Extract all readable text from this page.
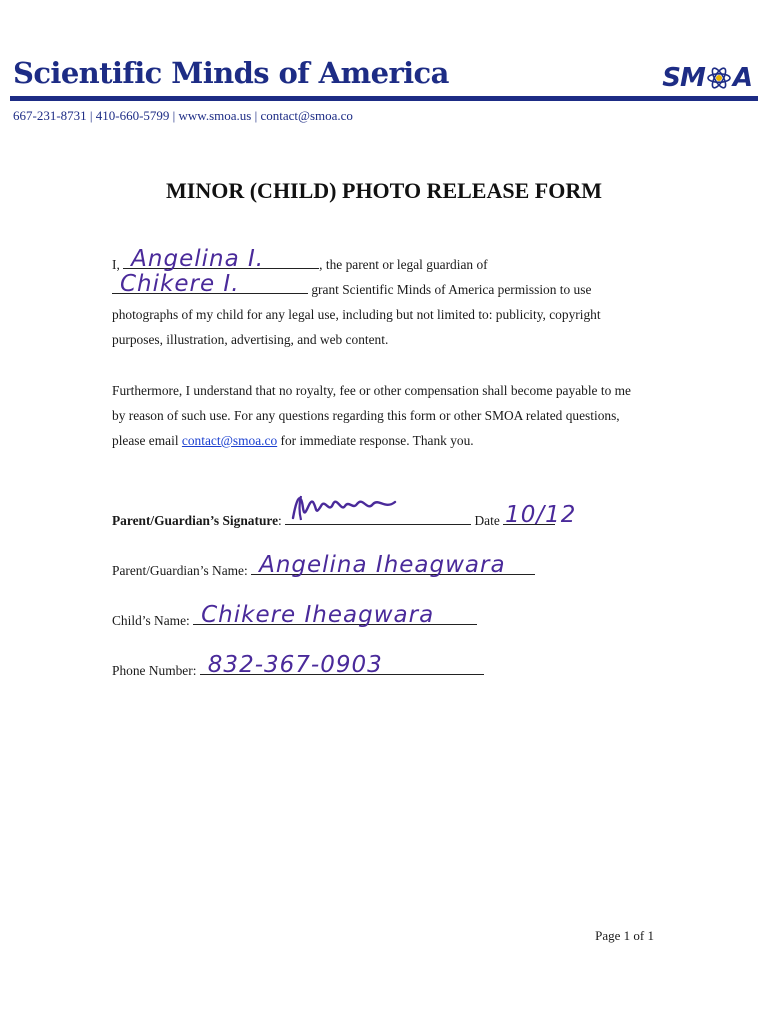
Scientific Minds of America	SM A
667-231-8731 | 410-660-5799 | www.smoa.us | contact@smoa.co
MINOR (CHILD) PHOTO RELEASE FORM
I, Angelina I.	, the parent or legal guardian of
Chikere I.	grant Scientific Minds of America permission to use
photographs of my child for any legal use, including but not limited to: publicity, copyright
purposes, illustration, advertising, and web content.
Furthermore, I understand that no royalty, fee or other compensation shall become payable to me
by reason of such use. For any questions regarding this form or other SMOA related questions,
please email contact@smoa.co for immediate response. Thank you.
Parent/Guardian’s Signature:	Date 10/12
Parent/Guardian’s Name: Angelina Iheagwara
Child’s Name: Chikere Iheagwara
Phone Number: 832-367-0903
Page 1 of 1
